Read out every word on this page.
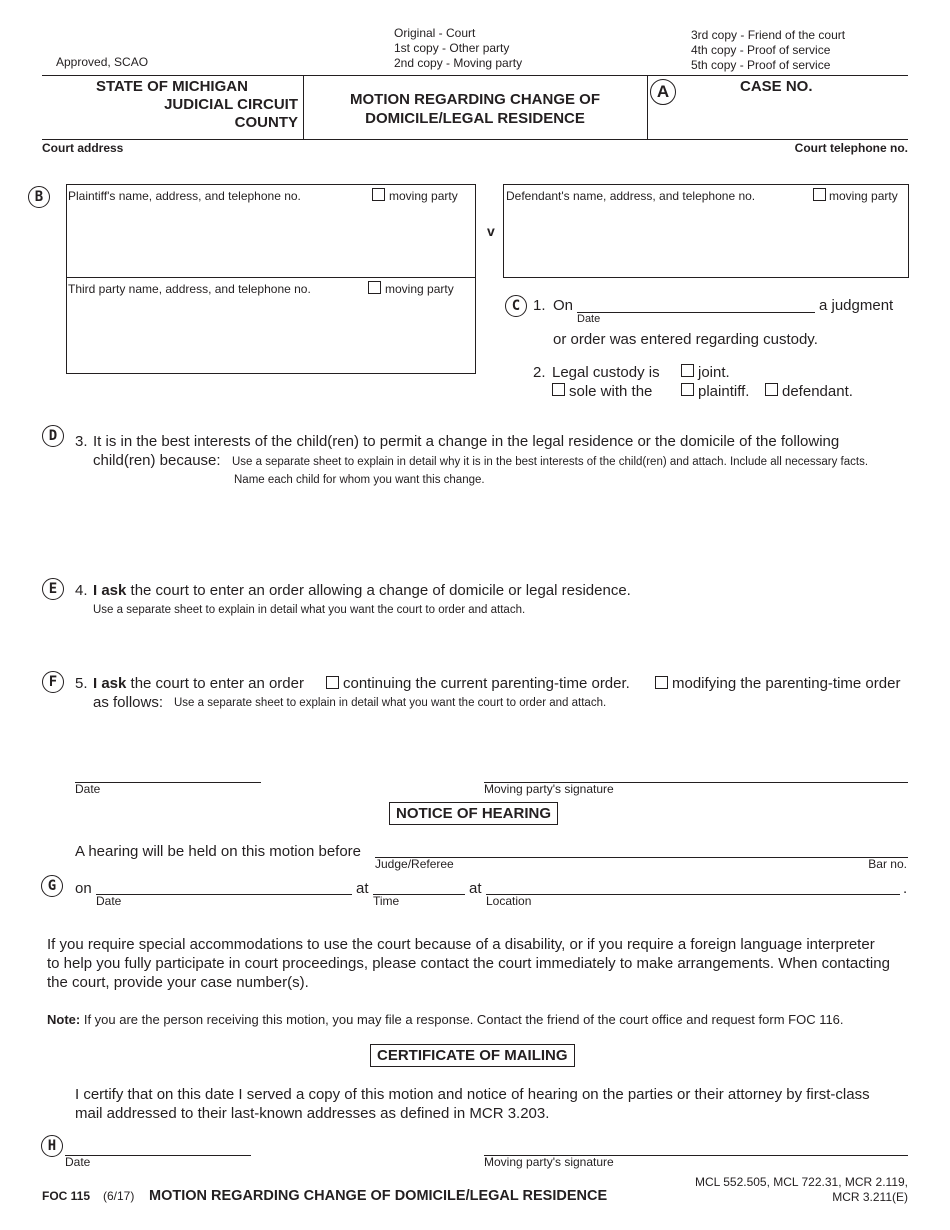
Approved, SCAO
Original - Court
1st copy - Other party
2nd copy - Moving party
3rd copy - Friend of the court
4th copy - Proof of service
5th copy - Proof of service
STATE OF MICHIGAN
JUDICIAL CIRCUIT
COUNTY
MOTION REGARDING CHANGE OF
DOMICILE/LEGAL RESIDENCE
A	CASE NO.
Court address	Court telephone no.
B	Plaintiff's name, address, and telephone no.	moving party
Third party name, address, and telephone no.	moving party
v
Defendant's name, address, and telephone no.	moving party
C 1. On
Date
a judgment
or order was entered regarding custody.
2. Legal custody is	joint.
sole with the	plaintiff. defendant.
D	3. It is in the best interests of the child(ren) to permit a change in the legal residence or the domicile of the following
child(ren) because: Use a separate sheet to explain in detail why it is in the best interests of the child(ren) and attach. Include all necessary facts.
Name each child for whom you want this change.
E	4. I ask the court to enter an order allowing a change of domicile or legal residence.
Use a separate sheet to explain in detail what you want the court to order and attach.
F	5. I ask the court to enter an order	continuing the current parenting-time order.	modifying the parenting-time order
as follows: Use a separate sheet to explain in detail what you want the court to order and attach.
Date	Moving party's signature
NOTICE OF HEARING
A hearing will be held on this motion before
Judge/Referee	Bar no.
G	on
Date
at
Time
at
Location
.
If you require special accommodations to use the court because of a disability, or if you require a foreign language interpreter
to help you fully participate in court proceedings, please contact the court immediately to make arrangements. When contacting
the court, provide your case number(s).
Note: If you are the person receiving this motion, you may file a response. Contact the friend of the court office and request form FOC 116.
CERTIFICATE OF MAILING
I certify that on this date I served a copy of this motion and notice of hearing on the parties or their attorney by first-class
mail addressed to their last-known addresses as defined in MCR 3.203.
H
Date	Moving party's signature
FOC 115 (6/17) MOTION REGARDING CHANGE OF DOMICILE/LEGAL RESIDENCE
MCL 552.505, MCL 722.31, MCR 2.119,
MCR 3.211(E)
